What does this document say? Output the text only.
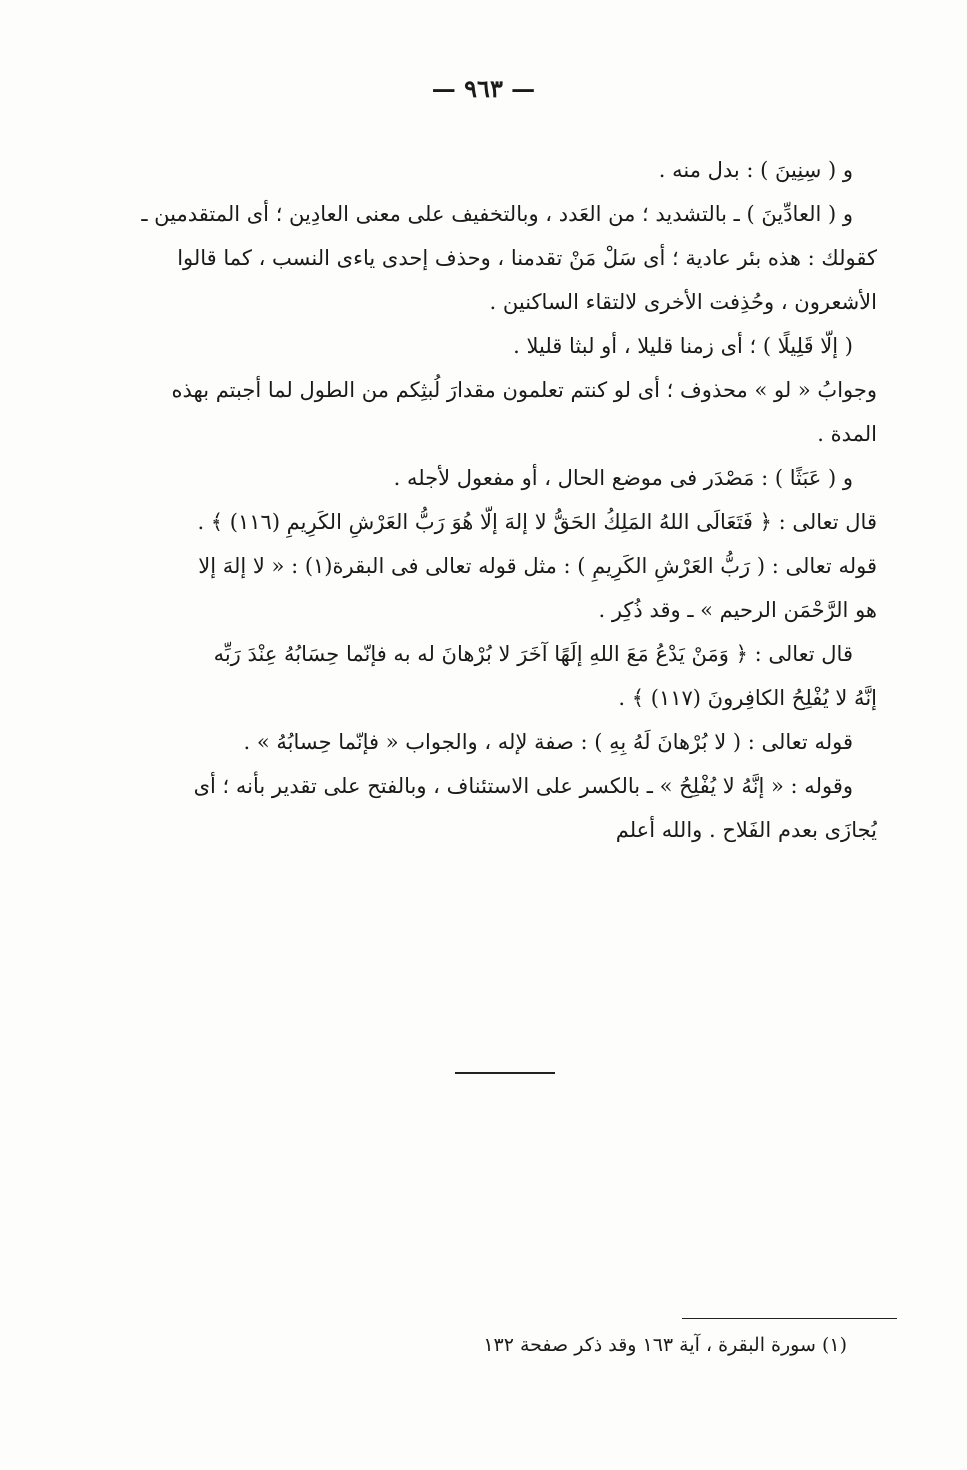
— ٩٦٣ —
و ( سِنِينَ ) : بدل منه .
و ( العادِّينَ ) ـ بالتشديد ؛ من العَدد ، وبالتخفيف على معنى العادِين ؛ أى المتقدمين ـ
كقولك : هذه بئر عادية ؛ أى سَلْ مَنْ تقدمنا ، وحذف إحدى ياءى النسب ، كما قالوا
الأشعرون ، وحُذِفت الأخرى لالتقاء الساكنين .
( إلّا قَلِيلًا ) ؛ أى زمنا قليلا ، أو لبثا قليلا .
وجوابُ « لو » محذوف ؛ أى لو كنتم تعلمون مقدارَ لُبثِكم من الطول لما أجبتم بهذه
المدة .
و ( عَبَثًا ) : مَصْدَر فى موضع الحال ، أو مفعول لأجله .
قال تعالى : ﴿ فَتَعَالَى اللهُ المَلِكُ الحَقُّ لا إلهَ إلّا هُوَ رَبُّ العَرْشِ الكَرِيمِ (١١٦) ﴾ .
قوله تعالى : ( رَبُّ العَرْشِ الكَرِيمِ ) : مثل قوله تعالى فى البقرة(١) : « لا إلهَ إلا
هو الرَّحْمَن الرحيم » ـ وقد ذُكِر .
قال تعالى : ﴿ وَمَنْ يَدْعُ مَعَ اللهِ إلَهًا آخَرَ لا بُرْهانَ له به فإنّما حِسَابُهُ عِنْدَ رَبِّه
إنَّهُ لا يُفْلِحُ الكافِرونَ (١١٧) ﴾ .
قوله تعالى : ( لا بُرْهانَ لَهُ بِهِ ) : صفة لإله ، والجواب « فإنّما حِسابُهُ » .
وقوله : « إنَّهُ لا يُفْلِحُ » ـ بالكسر على الاستئناف ، وبالفتح على تقدير بأنه ؛ أى
يُجازَى بعدم الفَلاح . والله أعلم
(١) سورة البقرة ، آية ١٦٣ وقد ذكر صفحة ١٣٢
